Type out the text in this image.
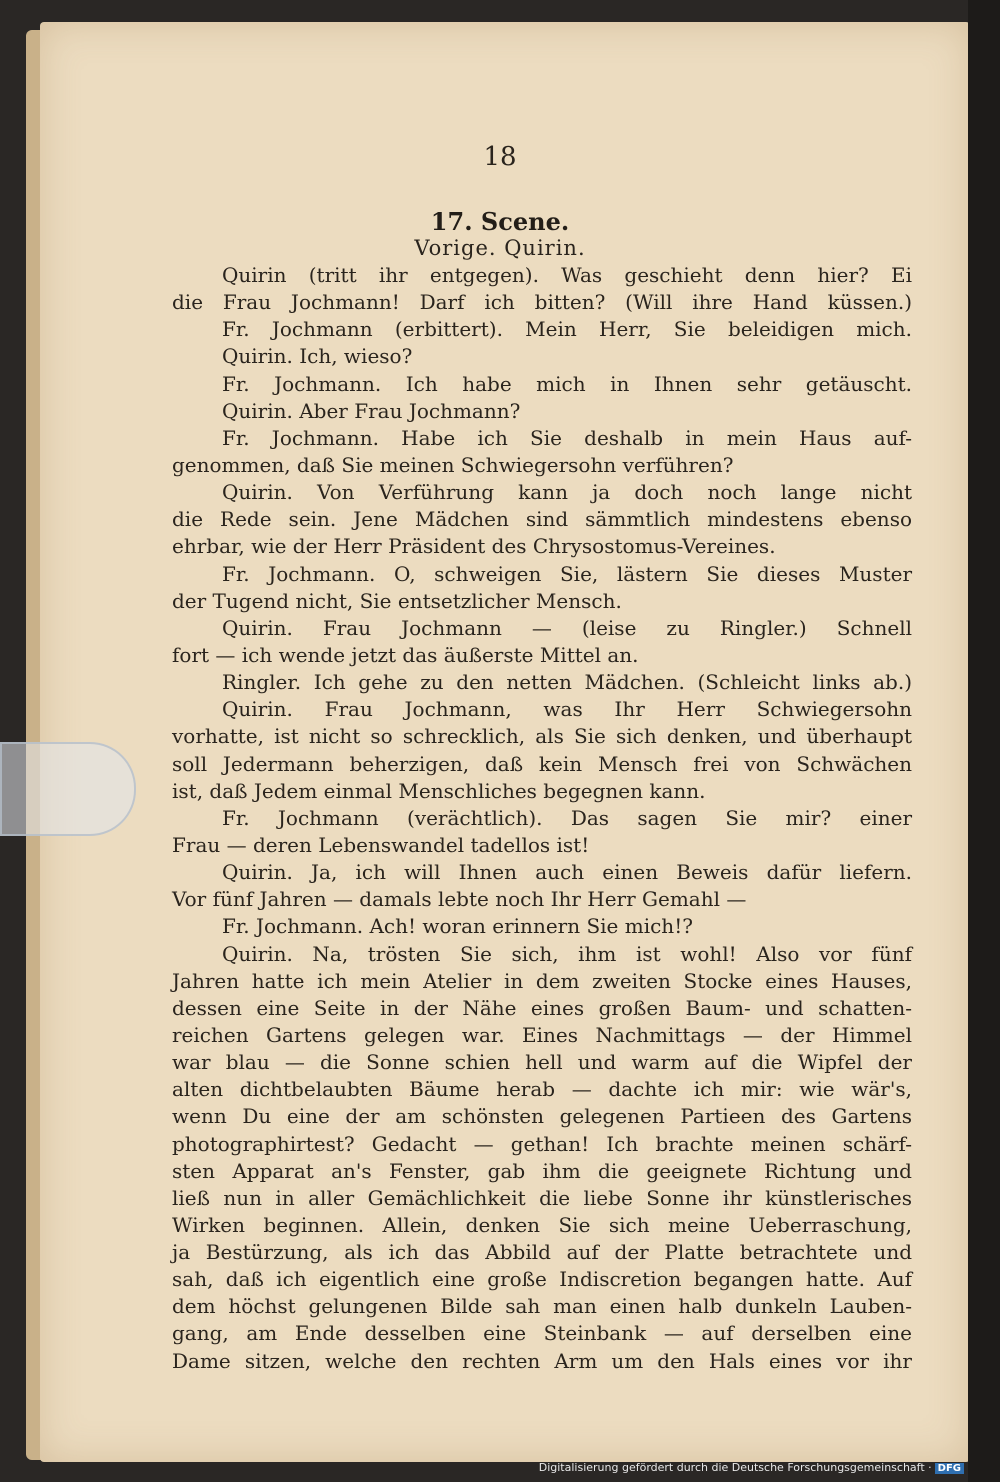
18
17. Scene.
Vorige. Quirin.
Quirin (tritt ihr entgegen). Was geschieht denn hier? Ei
die Frau Jochmann! Darf ich bitten? (Will ihre Hand küssen.)
Fr. Jochmann (erbittert). Mein Herr, Sie beleidigen mich.
Quirin. Ich, wieso?
Fr. Jochmann. Ich habe mich in Ihnen sehr getäuscht.
Quirin. Aber Frau Jochmann?
Fr. Jochmann. Habe ich Sie deshalb in mein Haus auf-
genommen, daß Sie meinen Schwiegersohn verführen?
Quirin. Von Verführung kann ja doch noch lange nicht
die Rede sein. Jene Mädchen sind sämmtlich mindestens ebenso
ehrbar, wie der Herr Präsident des Chrysostomus-Vereines.
Fr. Jochmann. O, schweigen Sie, lästern Sie dieses Muster
der Tugend nicht, Sie entsetzlicher Mensch.
Quirin. Frau Jochmann — (leise zu Ringler.) Schnell
fort — ich wende jetzt das äußerste Mittel an.
Ringler. Ich gehe zu den netten Mädchen. (Schleicht links ab.)
Quirin. Frau Jochmann, was Ihr Herr Schwiegersohn
vorhatte, ist nicht so schrecklich, als Sie sich denken, und überhaupt
soll Jedermann beherzigen, daß kein Mensch frei von Schwächen
ist, daß Jedem einmal Menschliches begegnen kann.
Fr. Jochmann (verächtlich). Das sagen Sie mir? einer
Frau — deren Lebenswandel tadellos ist!
Quirin. Ja, ich will Ihnen auch einen Beweis dafür liefern.
Vor fünf Jahren — damals lebte noch Ihr Herr Gemahl —
Fr. Jochmann. Ach! woran erinnern Sie mich!?
Quirin. Na, trösten Sie sich, ihm ist wohl! Also vor fünf
Jahren hatte ich mein Atelier in dem zweiten Stocke eines Hauses,
dessen eine Seite in der Nähe eines großen Baum- und schatten-
reichen Gartens gelegen war. Eines Nachmittags — der Himmel
war blau — die Sonne schien hell und warm auf die Wipfel der
alten dichtbelaubten Bäume herab — dachte ich mir: wie wär's,
wenn Du eine der am schönsten gelegenen Partieen des Gartens
photographirtest? Gedacht — gethan! Ich brachte meinen schärf-
sten Apparat an's Fenster, gab ihm die geeignete Richtung und
ließ nun in aller Gemächlichkeit die liebe Sonne ihr künstlerisches
Wirken beginnen. Allein, denken Sie sich meine Ueberraschung,
ja Bestürzung, als ich das Abbild auf der Platte betrachtete und
sah, daß ich eigentlich eine große Indiscretion begangen hatte. Auf
dem höchst gelungenen Bilde sah man einen halb dunkeln Lauben-
gang, am Ende desselben eine Steinbank — auf derselben eine
Dame sitzen, welche den rechten Arm um den Hals eines vor ihr
Digitalisierung gefördert durch die Deutsche Forschungsgemeinschaft · DFG
